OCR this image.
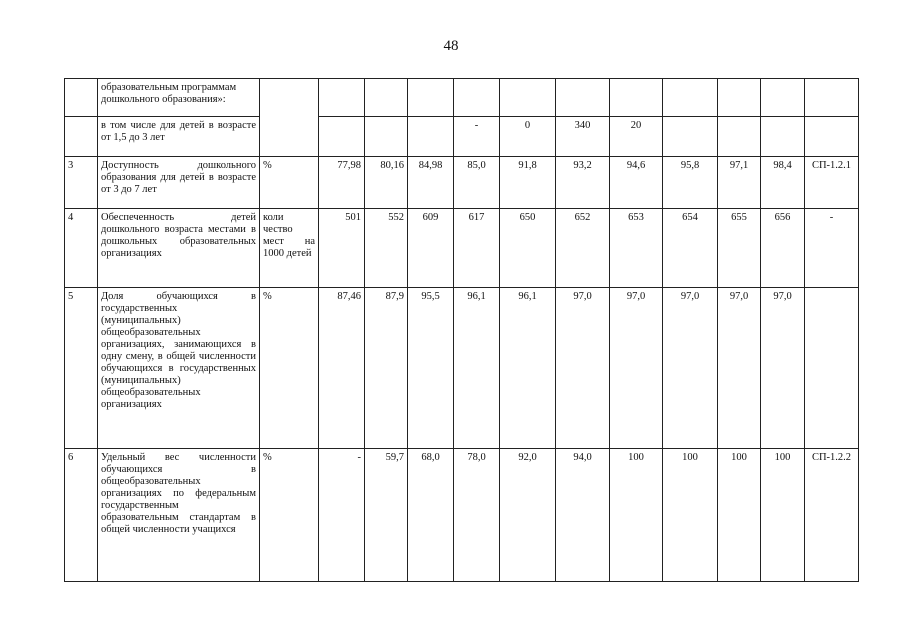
48
	образовательным программам
дошкольного образования»:												
	в том числе для детей в возрасте от 1,5 до 3 лет					-	0	340	20				
3	Доступность дошкольного образования для детей в возрасте от 3 до 7 лет	%	77,98	80,16	84,98	85,0	91,8	93,2	94,6	95,8	97,1	98,4	СП-1.2.1
4	Обеспеченность детей дошкольного возраста местами в дошкольных образовательных организациях	коли чество мест на 1000 детей	501	552	609	617	650	652	653	654	655	656	-
5	Доля обучающихся в государственных (муниципальных) общеобразовательных организациях, занимающихся в одну смену, в общей численности обучающихся в государственных (муниципальных) общеобразовательных организациях	%	87,46	87,9	95,5	96,1	96,1	97,0	97,0	97,0	97,0	97,0	
6	Удельный вес численности обучающихся в общеобразовательных организациях по федеральным государственным образовательным стандартам в общей численности учащихся	%	-	59,7	68,0	78,0	92,0	94,0	100	100	100	100	СП-1.2.2
